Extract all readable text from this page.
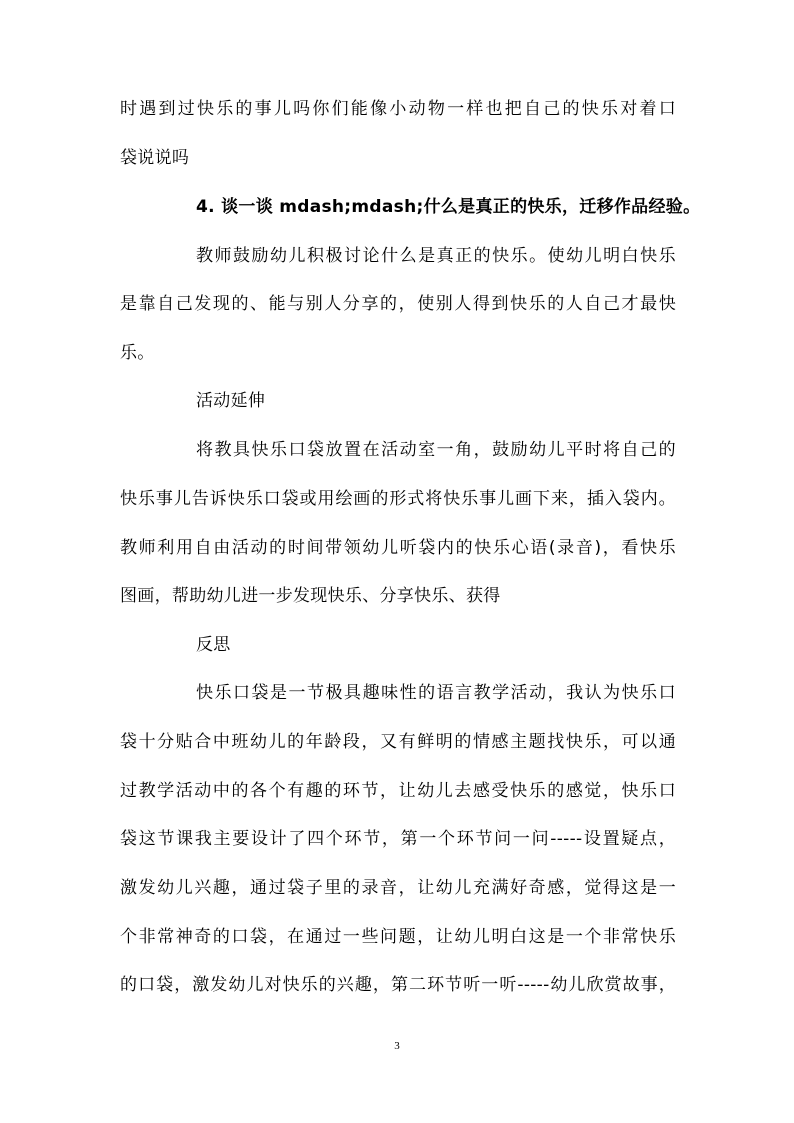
时遇到过快乐的事儿吗你们能像小动物一样也把自己的快乐对着口
袋说说吗
4. 谈一谈 mdash;mdash;什么是真正的快乐，迁移作品经验。
教师鼓励幼儿积极讨论什么是真正的快乐。使幼儿明白快乐
是靠自己发现的、能与别人分享的，使别人得到快乐的人自己才最快
乐。
活动延伸
将教具快乐口袋放置在活动室一角，鼓励幼儿平时将自己的
快乐事儿告诉快乐口袋或用绘画的形式将快乐事儿画下来，插入袋内。
教师利用自由活动的时间带领幼儿听袋内的快乐心语(录音)，看快乐
图画，帮助幼儿进一步发现快乐、分享快乐、获得
反思
快乐口袋是一节极具趣味性的语言教学活动，我认为快乐口
袋十分贴合中班幼儿的年龄段，又有鲜明的情感主题找快乐，可以通
过教学活动中的各个有趣的环节，让幼儿去感受快乐的感觉，快乐口
袋这节课我主要设计了四个环节，第一个环节问一问-----设置疑点，
激发幼儿兴趣，通过袋子里的录音，让幼儿充满好奇感，觉得这是一
个非常神奇的口袋，在通过一些问题，让幼儿明白这是一个非常快乐
的口袋，激发幼儿对快乐的兴趣，第二环节听一听-----幼儿欣赏故事，
3
